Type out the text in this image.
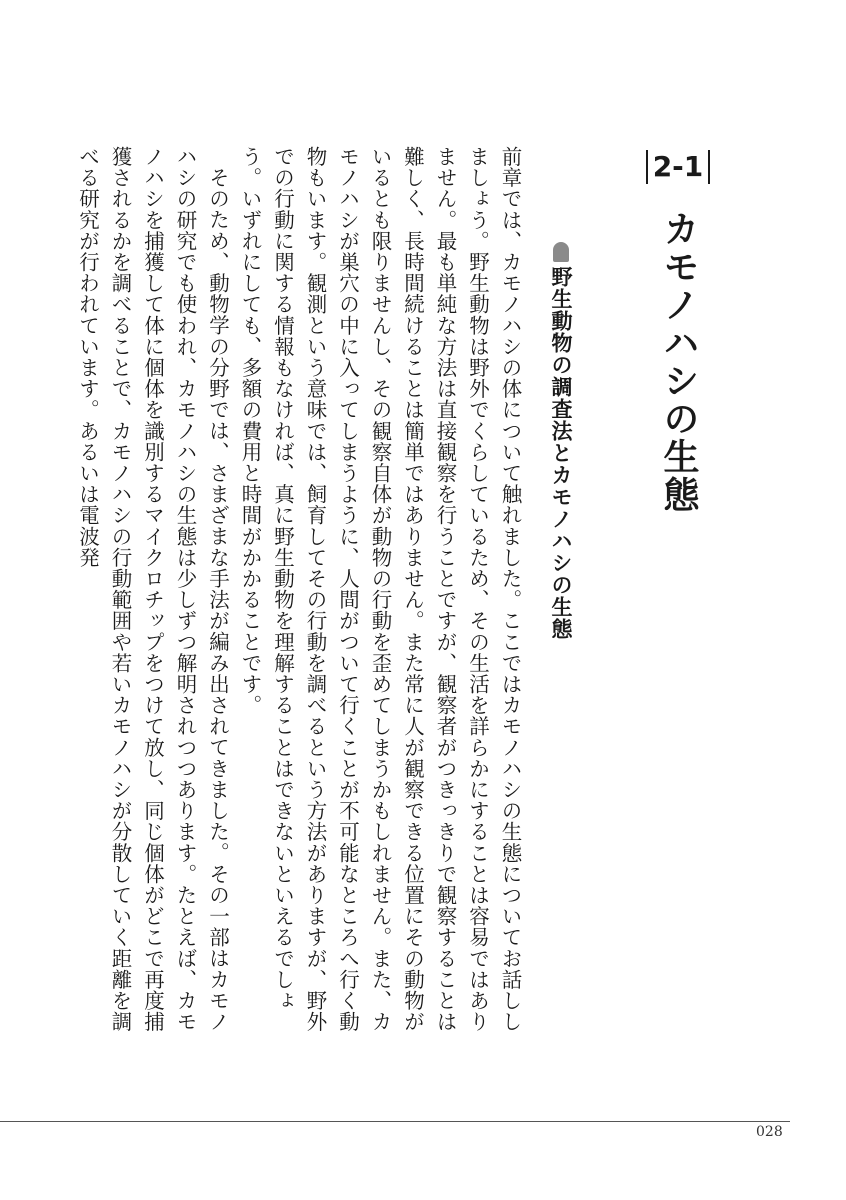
2-1
カモノハシの生態
野生動物の調査法とカモノハシの生態

前章では、カモノハシの体について触れました。ここではカモノハシの生態についてお話ししましょう。野生動物は野外でくらしているため、その生活を詳らかにすることは容易ではありません。最も単純な方法は直接観察を行うことですが、観察者がつきっきりで観察することは難しく、長時間続けることは簡単ではありません。また常に人が観察できる位置にその動物がいるとも限りませんし、その観察自体が動物の行動を歪めてしまうかもしれません。また、カモノハシが巣穴の中に入ってしまうように、人間がついて行くことが不可能なところへ行く動物もいます。観測という意味では、飼育してその行動を調べるという方法がありますが、野外での行動に関する情報もなければ、真に野生動物を理解することはできないといえるでしょう。いずれにしても、多額の費用と時間がかかることです。

そのため、動物学の分野では、さまざまな手法が編み出されてきました。その一部はカモノハシの研究でも使われ、カモノハシの生態は少しずつ解明されつつあります。たとえば、カモノハシを捕獲して体に個体を識別するマイクロチップをつけて放し、同じ個体がどこで再度捕獲されるかを調べることで、カモノハシの行動範囲や若いカモノハシが分散していく距離を調べる研究が行われています。あるいは電波発

028
